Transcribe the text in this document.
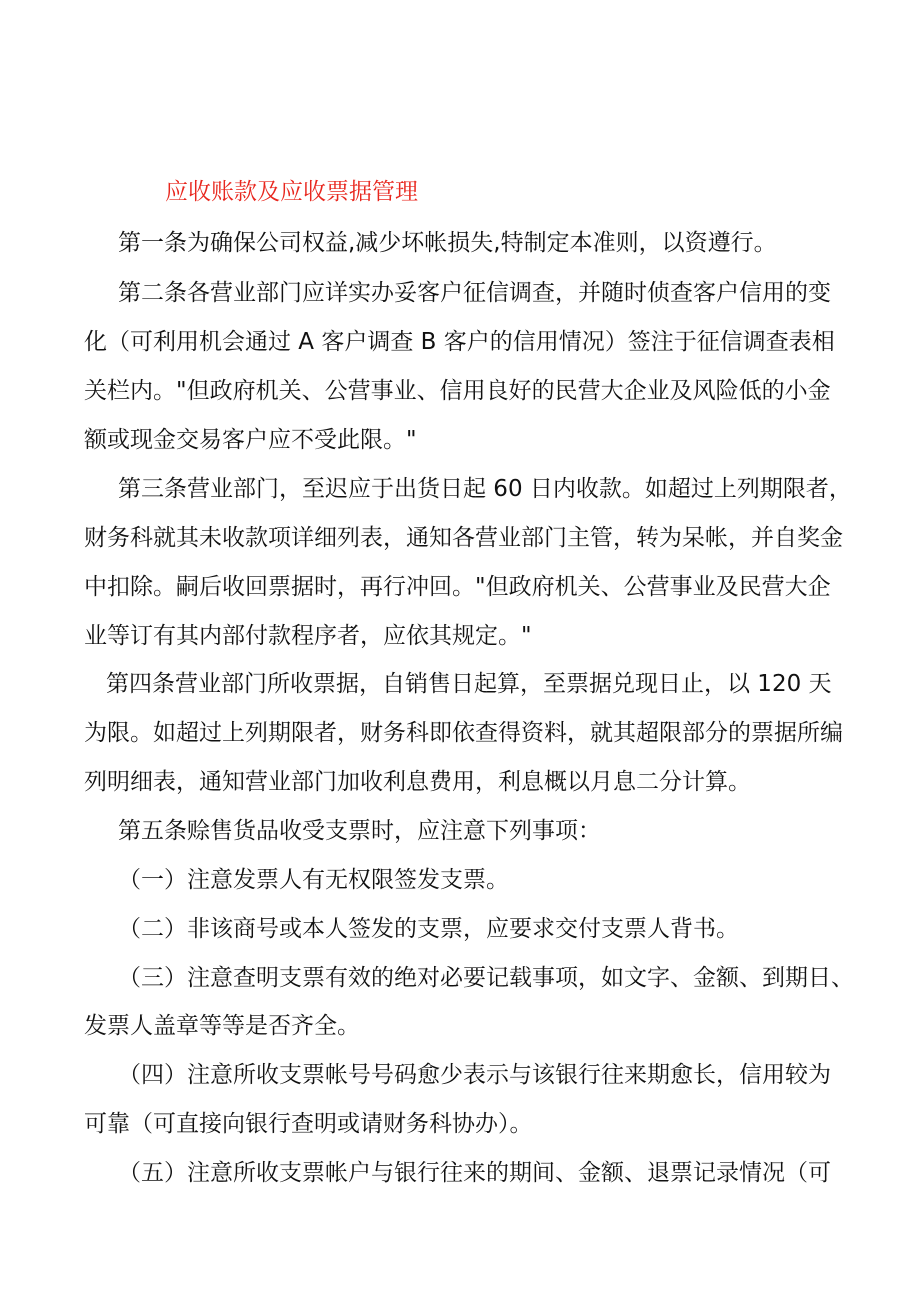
应收账款及应收票据管理
第一条为确保公司权益,减少坏帐损失,特制定本准则，以资遵行。
第二条各营业部门应详实办妥客户征信调查，并随时侦查客户信用的变
化（可利用机会通过 A 客户调查 B 客户的信用情况）签注于征信调查表相
关栏内。"但政府机关、公营事业、信用良好的民营大企业及风险低的小金
额或现金交易客户应不受此限。"
第三条营业部门，至迟应于出货日起 60 日内收款。如超过上列期限者，
财务科就其未收款项详细列表，通知各营业部门主管，转为呆帐，并自奖金
中扣除。嗣后收回票据时，再行冲回。"但政府机关、公营事业及民营大企
业等订有其内部付款程序者，应依其规定。"
第四条营业部门所收票据，自销售日起算，至票据兑现日止，以 120 天
为限。如超过上列期限者，财务科即依查得资料，就其超限部分的票据所编
列明细表，通知营业部门加收利息费用，利息概以月息二分计算。
第五条赊售货品收受支票时，应注意下列事项：
（一）注意发票人有无权限签发支票。
（二）非该商号或本人签发的支票，应要求交付支票人背书。
（三）注意查明支票有效的绝对必要记载事项，如文字、金额、到期日、
发票人盖章等等是否齐全。
（四）注意所收支票帐号号码愈少表示与该银行往来期愈长，信用较为
可靠（可直接向银行查明或请财务科协办）。
（五）注意所收支票帐户与银行往来的期间、金额、退票记录情况（可
